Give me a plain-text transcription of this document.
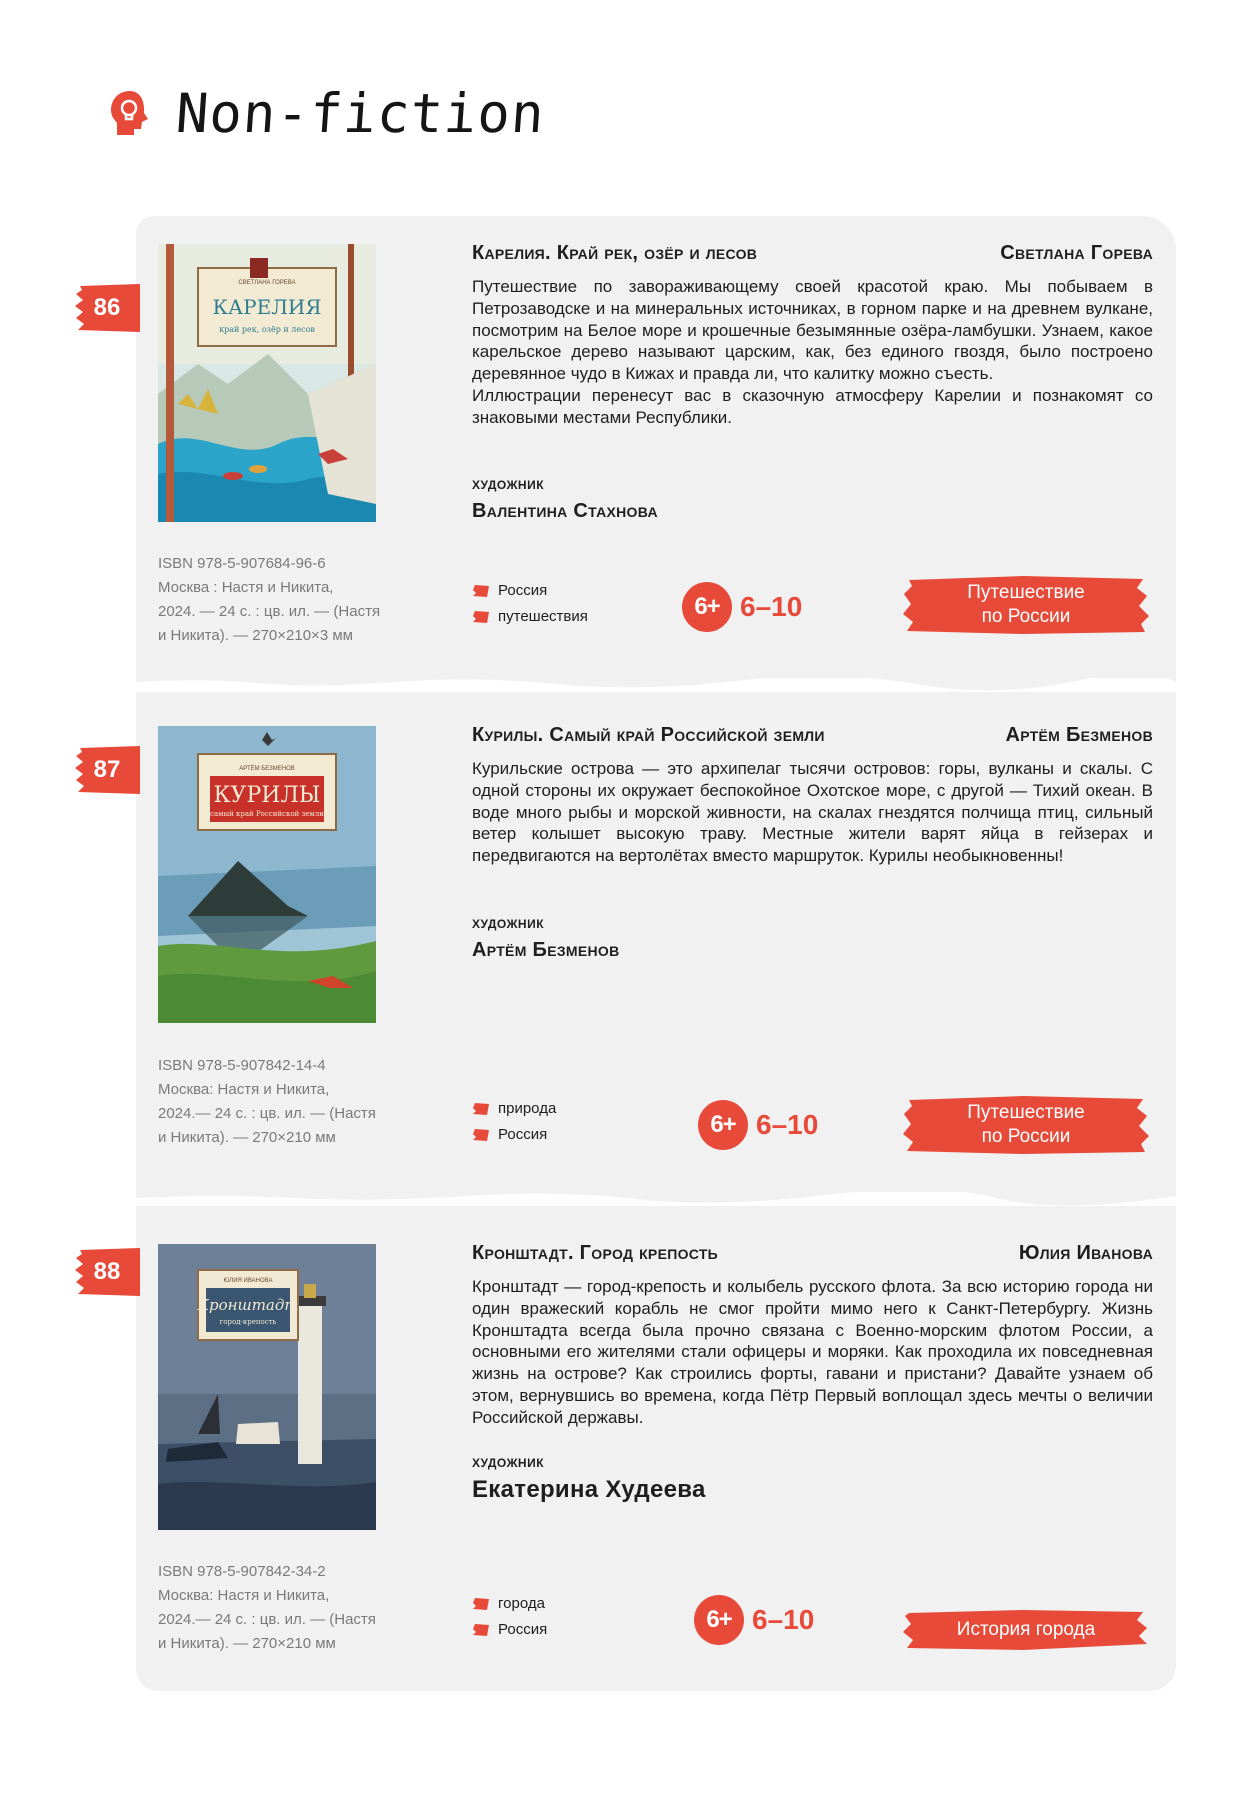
Non-fiction
86
СВЕТЛАНА ГОРЕВА
КАРЕЛИЯ
край рек, озёр и лесов
ISBN 978-5-907684-96-6
Москва : Настя и Никита,
2024. — 24 с. : цв. ил. — (Настя
и Никита). — 270×210×3 мм
Карелия. Край рек, озёр и лесов	Светлана Горева

Путешествие по завораживающему своей красотой краю. Мы побываем в Петрозаводске и на минеральных источниках, в горном парке и на древнем вулкане, посмотрим на Белое море и крошечные безымянные озёра-ламбушки. Узнаем, какое карельское дерево называют царским, как, без единого гвоздя, было построено деревянное чудо в Кижах и правда ли, что калитку можно съесть.

Иллюстрации перенесут вас в сказочную атмосферу Карелии и познакомят со знаковыми местами Республики.

художник
Валентина Стахнова
Россия
путешествия	6+ 6–10	Путешествие
по России
87	АРТЁМ БЕЗМЕНОВ
КУРИЛЫ
самый край Российской земли
ISBN 978-5-907842-14-4
Москва: Настя и Никита,
2024.— 24 с. : цв. ил. — (Настя
и Никита). — 270×210 мм
Курилы. Самый край Российской земли	Артём Безменов

Курильские острова — это архипелаг тысячи островов: горы, вулканы и скалы. С одной стороны их окружает беспокойное Охотское море, с другой — Тихий океан. В воде много рыбы и морской живности, на скалах гнездятся полчища птиц, сильный ветер колышет высокую траву. Местные жители варят яйца в гейзерах и передвигаются на вертолётах вместо маршруток. Курилы необыкновенны!

художник
Артём Безменов
природа
Россия	6+ 6–10	Путешествие
по России
88	ЮЛИЯ ИВАНОВА
Кронштадт
город-крепость
ISBN 978-5-907842-34-2
Москва: Настя и Никита,
2024.— 24 с. : цв. ил. — (Настя
и Никита). — 270×210 мм
Кронштадт. Город крепость	Юлия Иванова

Кронштадт — город-крепость и колыбель русского флота. За всю историю города ни один вражеский корабль не смог пройти мимо него к Санкт-Петербургу. Жизнь Кронштадта всегда была прочно связана с Военно-морским флотом России, а основными его жителями стали офицеры и моряки. Как проходила их повседневная жизнь на острове? Как строились форты, гавани и пристани? Давайте узнаем об этом, вернувшись во времена, когда Пётр Первый воплощал здесь мечты о величии Российской державы.

художник
Екатерина Худеева
города
Россия	6+ 6–10	История города
